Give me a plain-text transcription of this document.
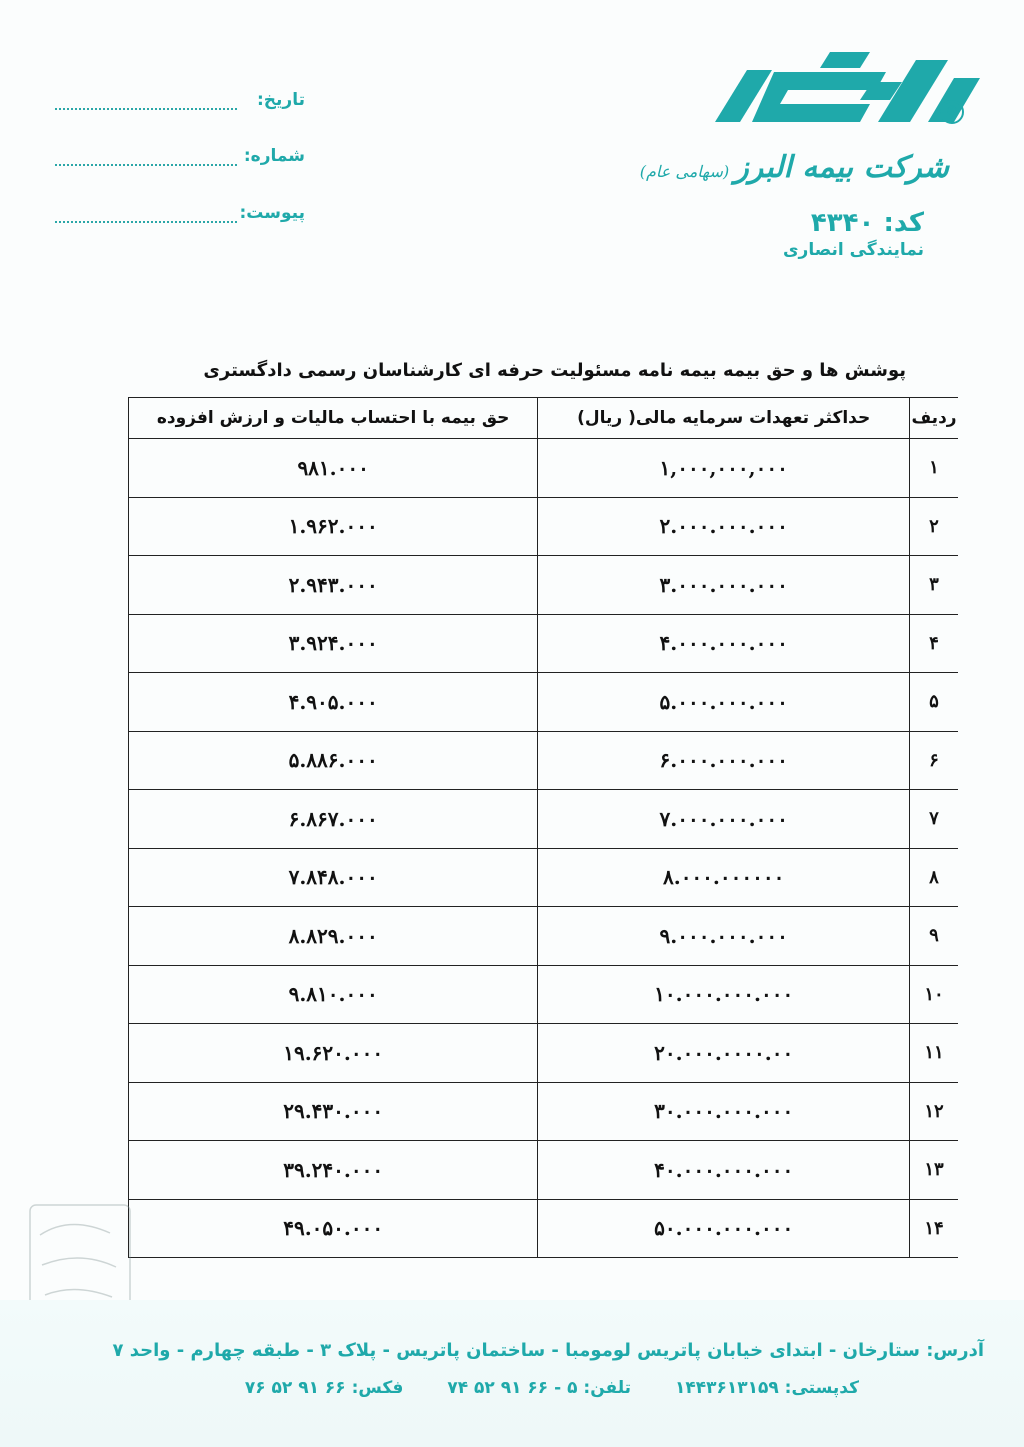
تاریخ:
شماره:
پیوست:
®
شرکت بیمه البرز (سهامی عام)
کد: ۴۳۴۰
نمایندگی انصاری
پوشش ها و حق بیمه بیمه نامه مسئولیت حرفه ای کارشناسان رسمی دادگستری
ردیف	حداکثر تعهدات سرمایه مالی( ریال)	حق بیمه با احتساب مالیات و ارزش افزوده
۱	۱,۰۰۰,۰۰۰,۰۰۰	۹۸۱.۰۰۰
۲	۲.۰۰۰.۰۰۰.۰۰۰	۱.۹۶۲.۰۰۰
۳	۳.۰۰۰.۰۰۰.۰۰۰	۲.۹۴۳.۰۰۰
۴	۴.۰۰۰.۰۰۰.۰۰۰	۳.۹۲۴.۰۰۰
۵	۵.۰۰۰.۰۰۰.۰۰۰	۴.۹۰۵.۰۰۰
۶	۶.۰۰۰.۰۰۰.۰۰۰	۵.۸۸۶.۰۰۰
۷	۷.۰۰۰.۰۰۰.۰۰۰	۶.۸۶۷.۰۰۰
۸	۸.۰۰۰.۰۰۰۰۰۰	۷.۸۴۸.۰۰۰
۹	۹.۰۰۰.۰۰۰.۰۰۰	۸.۸۲۹.۰۰۰
۱۰	۱۰.۰۰۰.۰۰۰.۰۰۰	۹.۸۱۰.۰۰۰
۱۱	۲۰.۰۰۰.۰۰۰۰.۰۰	۱۹.۶۲۰.۰۰۰
۱۲	۳۰.۰۰۰.۰۰۰.۰۰۰	۲۹.۴۳۰.۰۰۰
۱۳	۴۰.۰۰۰.۰۰۰.۰۰۰	۳۹.۲۴۰.۰۰۰
۱۴	۵۰.۰۰۰.۰۰۰.۰۰۰	۴۹.۰۵۰.۰۰۰
آدرس: ستارخان - ابتدای خیابان پاتریس لومومبا - ساختمان پاتریس - پلاک ۳ - طبقه چهارم - واحد ۷
کدپستی: ۱۴۴۳۶۱۳۱۵۹ تلفن: ۵ - ۶۶ ۹۱ ۵۲ ۷۴ فکس: ۶۶ ۹۱ ۵۲ ۷۶
